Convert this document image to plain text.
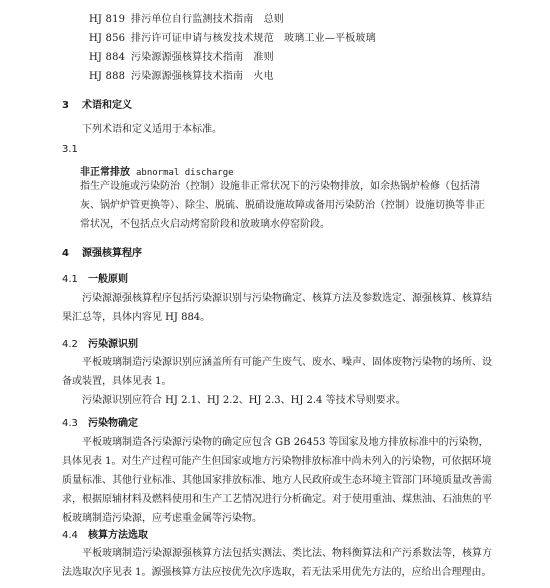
HJ 819 排污单位自行监测技术指南　总则
HJ 856 排污许可证申请与核发技术规范　玻璃工业—平板玻璃
HJ 884 污染源源强核算技术指南　准则
HJ 888 污染源源强核算技术指南　火电
3 术语和定义
下列术语和定义适用于本标准。
3.1
非正常排放 abnormal discharge
指生产设施或污染防治（控制）设施非正常状况下的污染物排放，如余热锅炉检修（包括清灰、锅炉炉管更换等）、除尘、脱硫、脱硝设施故障或备用污染防治（控制）设施切换等非正常状况，不包括点火启动烤窑阶段和放玻璃水停窑阶段。
4 源强核算程序
4.1 一般原则
污染源源强核算程序包括污染源识别与污染物确定、核算方法及参数选定、源强核算、核算结果汇总等，具体内容见 HJ 884。
4.2 污染源识别
平板玻璃制造污染源识别应涵盖所有可能产生废气、废水、噪声、固体废物污染物的场所、设备或装置，具体见表 1。
污染源识别应符合 HJ 2.1、HJ 2.2、HJ 2.3、HJ 2.4 等技术导则要求。
4.3 污染物确定
平板玻璃制造各污染源污染物的确定应包含 GB 26453 等国家及地方排放标准中的污染物，具体见表 1。对生产过程可能产生但国家或地方污染物排放标准中尚未列入的污染物，可依据环境质量标准、其他行业标准、其他国家排放标准、地方人民政府或生态环境主管部门环境质量改善需求，根据原辅材料及燃料使用和生产工艺情况进行分析确定。对于使用重油、煤焦油、石油焦的平板玻璃制造污染源，应考虑重金属等污染物。
4.4 核算方法选取
平板玻璃制造污染源源强核算方法包括实测法、类比法、物料衡算法和产污系数法等，核算方法选取次序见表 1。源强核算方法应按优先次序选取，若无法采用优先方法的，应给出合理理由。
